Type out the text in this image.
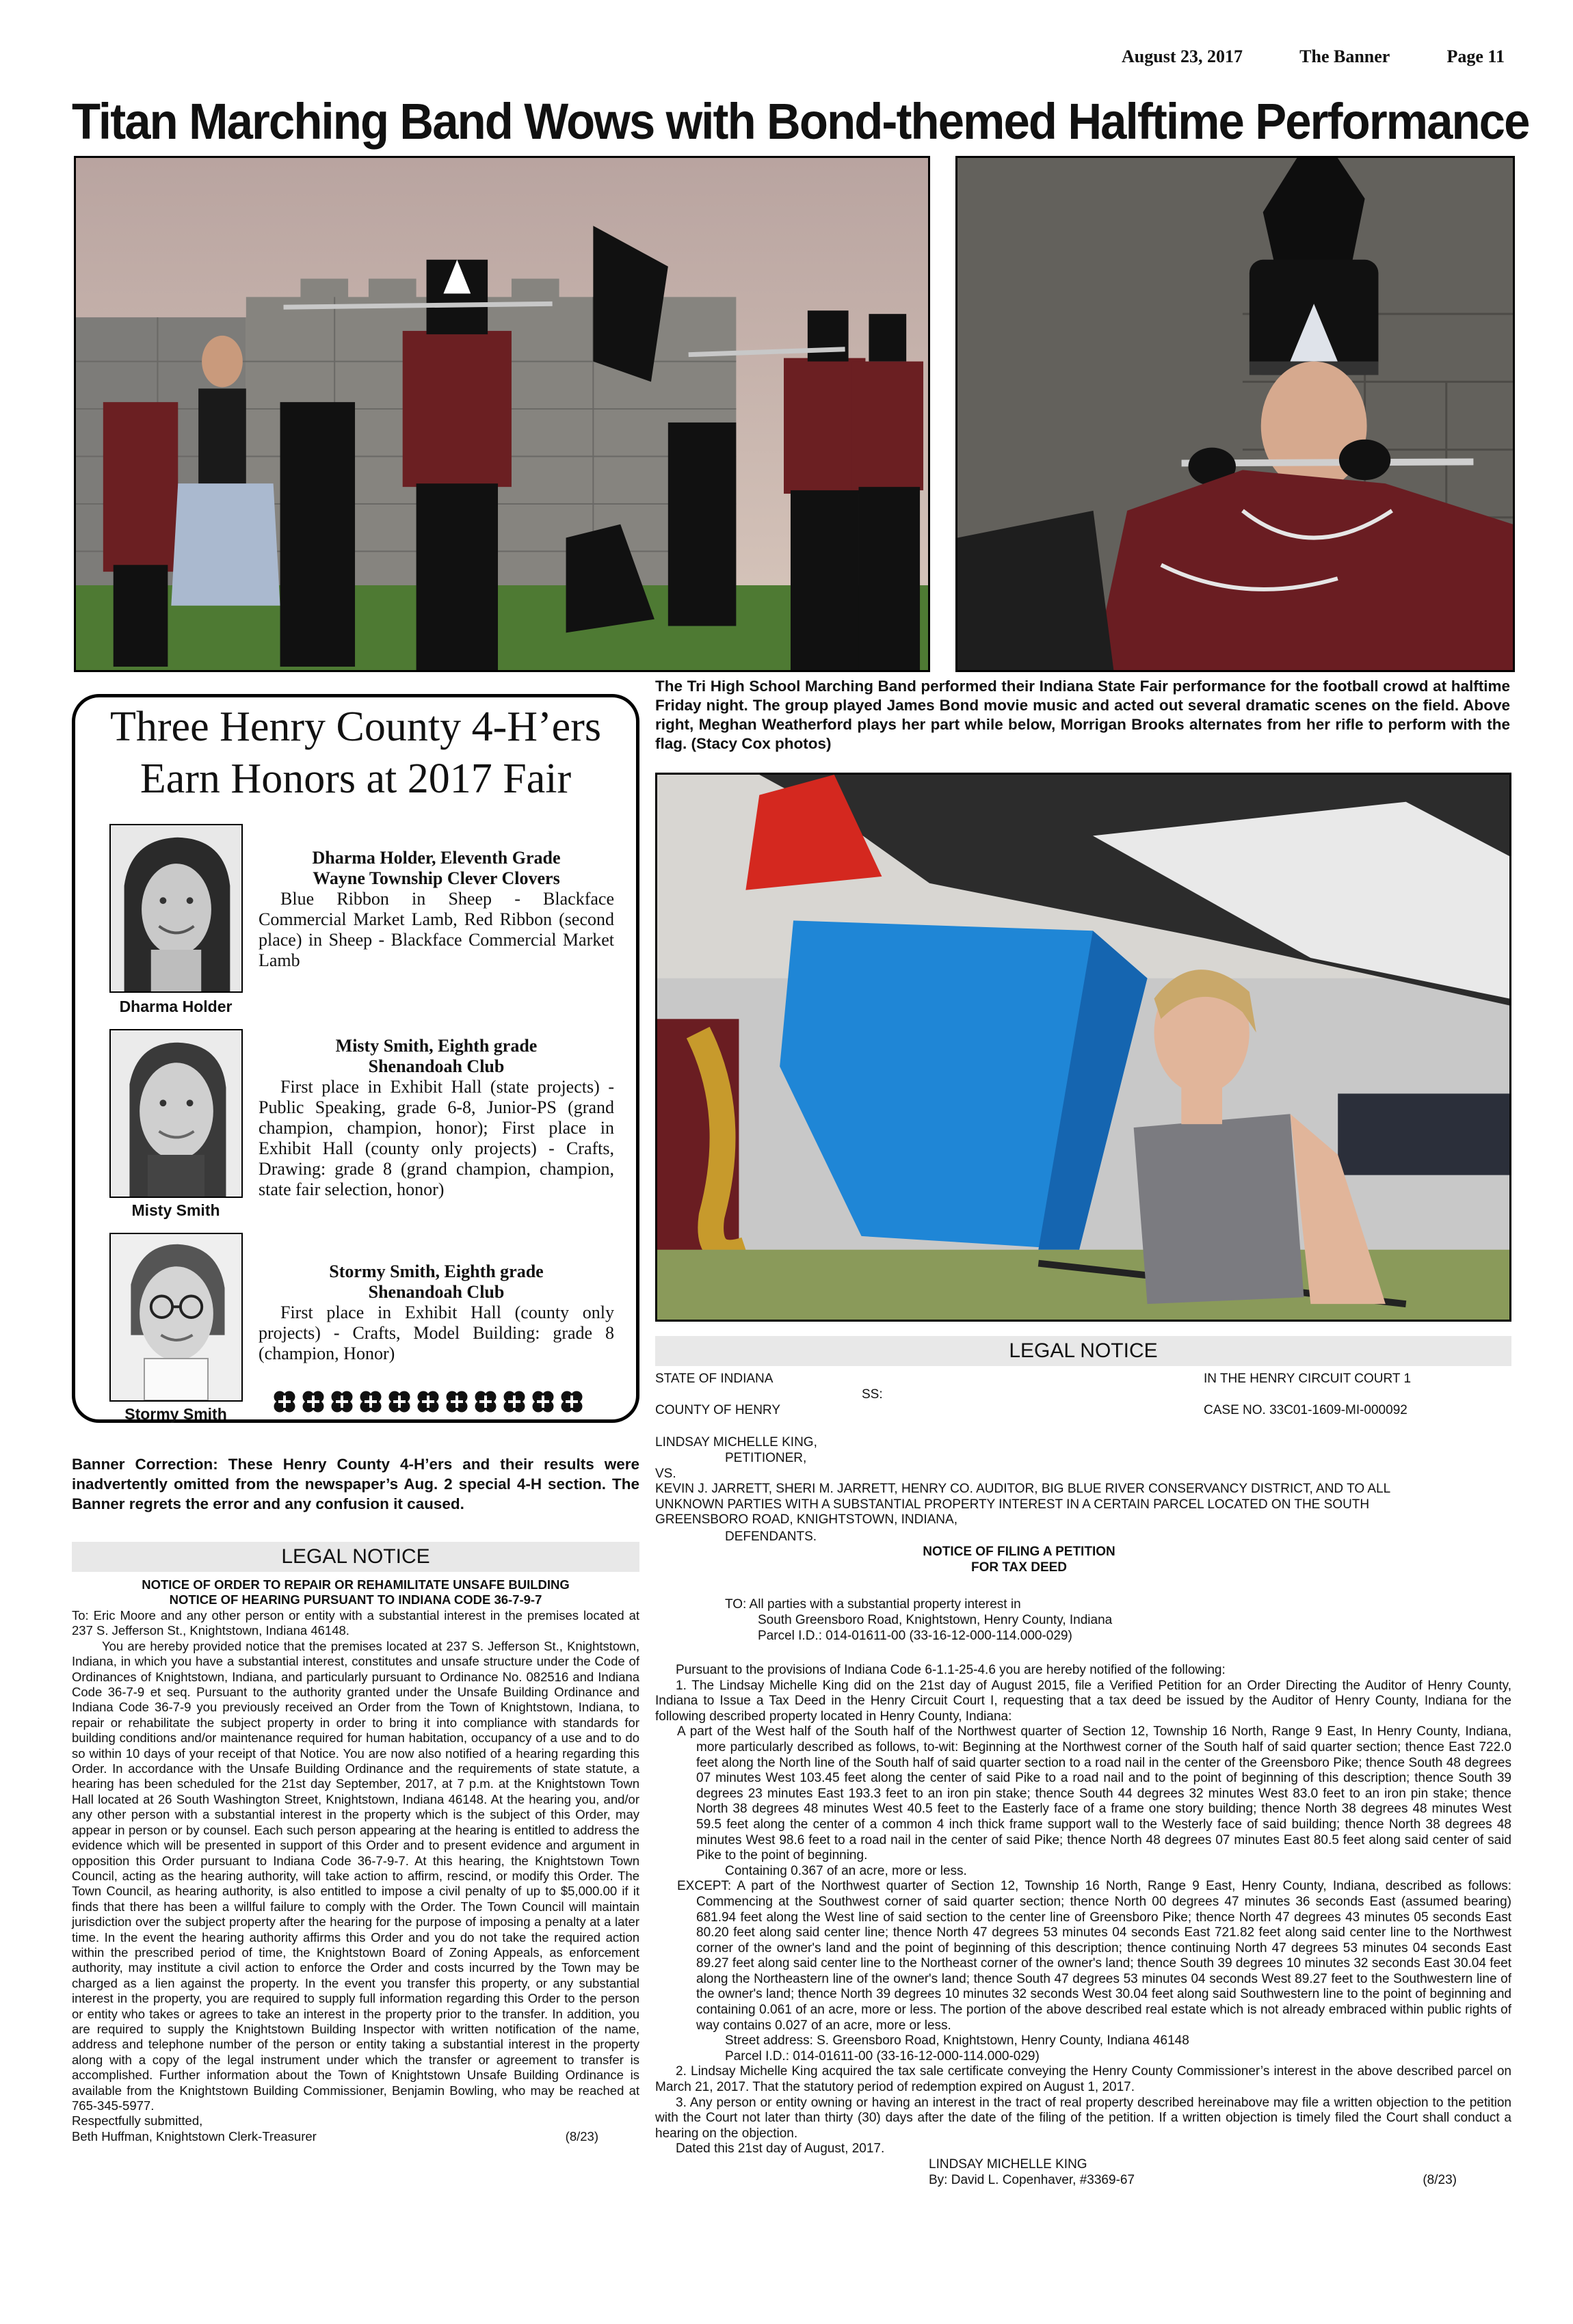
August 23, 2017	The Banner	Page 11
Titan Marching Band Wows with Bond-themed Halftime Performance
The Tri High School Marching Band performed their Indiana State Fair performance for the football crowd at halftime Friday night. The group played James Bond movie music and acted out several dramatic scenes on the field. Above right, Meghan Weatherford plays her part while below, Morrigan Brooks alternates from her rifle to perform with the flag. (Stacy Cox photos)
Three Henry County 4-H’ers
Earn Honors at 2017 Fair
Dharma Holder
Dharma Holder, Eleventh Grade
Wayne Township Clever Clovers
Blue Ribbon in Sheep - Blackface Commercial Market Lamb, Red Ribbon (second place) in Sheep - Blackface Commercial Market Lamb
Misty Smith
Misty Smith, Eighth grade
Shenandoah Club
First place in Exhibit Hall (state projects) - Public Speaking, grade 6-8, Junior-PS (grand champion, champion, honor); First place in Exhibit Hall (county only projects) - Crafts, Drawing: grade 8 (grand champion, champion, state fair selection, honor)
Stormy Smith
Stormy Smith, Eighth grade
Shenandoah Club
First place in Exhibit Hall (county only projects) - Crafts, Model Building: grade 8 (champion, Honor)
Banner Correction: These Henry County 4-H’ers and their results were inadvertently omitted from the newspaper’s Aug. 2 special 4-H section. The Banner regrets the error and any confusion it caused.
LEGAL NOTICE
NOTICE OF ORDER TO REPAIR OR REHAMILITATE UNSAFE BUILDING
NOTICE OF HEARING PURSUANT TO INDIANA CODE 36-7-9-7

To: Eric Moore and any other person or entity with a substantial interest in the premises located at 237 S. Jefferson St., Knightstown, Indiana 46148.

You are hereby provided notice that the premises located at 237 S. Jefferson St., Knightstown, Indiana, in which you have a substantial interest, constitutes and unsafe structure under the Code of Ordinances of Knightstown, Indiana, and particularly pursuant to Ordinance No. 082516 and Indiana Code 36-7-9 et seq. Pursuant to the authority granted under the Unsafe Building Ordinance and Indiana Code 36-7-9 you previously received an Order from the Town of Knightstown, Indiana, to repair or rehabilitate the subject property in order to bring it into compliance with standards for building conditions and/or maintenance required for human habitation, occupancy of a use and to do so within 10 days of your receipt of that Notice. You are now also notified of a hearing regarding this Order. In accordance with the Unsafe Building Ordinance and the requirements of state statute, a hearing has been scheduled for the 21st day September, 2017, at 7 p.m. at the Knightstown Town Hall located at 26 South Washington Street, Knightstown, Indiana 46148. At the hearing you, and/or any other person with a substantial interest in the property which is the subject of this Order, may appear in person or by counsel. Each such person appearing at the hearing is entitled to address the evidence which will be presented in support of this Order and to present evidence and argument in opposition this Order pursuant to Indiana Code 36-7-9-7. At this hearing, the Knightstown Town Council, acting as the hearing authority, will take action to affirm, rescind, or modify this Order. The Town Council, as hearing authority, is also entitled to impose a civil penalty of up to $5,000.00 if it finds that there has been a willful failure to comply with the Order. The Town Council will maintain jurisdiction over the subject property after the hearing for the purpose of imposing a penalty at a later time. In the event the hearing authority affirms this Order and you do not take the required action within the prescribed period of time, the Knightstown Board of Zoning Appeals, as enforcement authority, may institute a civil action to enforce the Order and costs incurred by the Town may be charged as a lien against the property. In the event you transfer this property, or any substantial interest in the property, you are required to supply full information regarding this Order to the person or entity who takes or agrees to take an interest in the property prior to the transfer. In addition, you are required to supply the Knightstown Building Inspector with written notification of the name, address and telephone number of the person or entity taking a substantial interest in the property along with a copy of the legal instrument under which the transfer or agreement to transfer is accomplished. Further information about the Town of Knightstown Unsafe Building Ordinance is available from the Knightstown Building Commissioner, Benjamin Bowling, who may be reached at 765-345-5977.

Respectfully submitted,

Beth Huffman, Knightstown Clerk-Treasurer	(8/23)
LEGAL NOTICE
STATE OF INDIANA	IN THE HENRY CIRCUIT COURT 1
SS:
COUNTY OF HENRY	CASE NO. 33C01-1609-MI-000092
LINDSAY MICHELLE KING,
PETITIONER,
VS.
KEVIN J. JARRETT, SHERI M. JARRETT, HENRY CO. AUDITOR, BIG BLUE RIVER CONSERVANCY DISTRICT, AND TO ALL UNKNOWN PARTIES WITH A SUBSTANTIAL PROPERTY INTEREST IN A CERTAIN PARCEL LOCATED ON THE SOUTH GREENSBORO ROAD, KNIGHTSTOWN, INDIANA,
DEFENDANTS.
NOTICE OF FILING A PETITION
FOR TAX DEED
TO: All parties with a substantial property interest in
South Greensboro Road, Knightstown, Henry County, Indiana
Parcel I.D.: 014-01611-00 (33-16-12-000-114.000-029)
Pursuant to the provisions of Indiana Code 6-1.1-25-4.6 you are hereby notified of the following:
1. The Lindsay Michelle King did on the 21st day of August 2015, file a Verified Petition for an Order Directing the Auditor of Henry County, Indiana to Issue a Tax Deed in the Henry Circuit Court I, requesting that a tax deed be issued by the Auditor of Henry County, Indiana for the following described property located in Henry County, Indiana:
A part of the West half of the South half of the Northwest quarter of Section 12, Township 16 North, Range 9 East, In Henry County, Indiana, more particularly described as follows, to-wit: Beginning at the Northwest corner of the South half of said quarter section; thence East 722.0 feet along the North line of the South half of said quarter section to a road nail in the center of the Greensboro Pike; thence South 48 degrees 07 minutes West 103.45 feet along the center of said Pike to a road nail and to the point of beginning of this description; thence South 39 degrees 23 minutes East 193.3 feet to an iron pin stake; thence South 44 degrees 32 minutes West 83.0 feet to an iron pin stake; thence North 38 degrees 48 minutes West 40.5 feet to the Easterly face of a frame one story building; thence North 38 degrees 48 minutes West 59.5 feet along the center of a common 4 inch thick frame support wall to the Westerly face of said building; thence North 38 degrees 48 minutes West 98.6 feet to a road nail in the center of said Pike; thence North 48 degrees 07 minutes East 80.5 feet along said center of said Pike to the point of beginning.
Containing 0.367 of an acre, more or less.
EXCEPT: A part of the Northwest quarter of Section 12, Township 16 North, Range 9 East, Henry County, Indiana, described as follows: Commencing at the Southwest corner of said quarter section; thence North 00 degrees 47 minutes 36 seconds East (assumed bearing) 681.94 feet along the West line of said section to the center line of Greensboro Pike; thence North 47 degrees 43 minutes 05 seconds East 80.20 feet along said center line; thence North 47 degrees 53 minutes 04 seconds East 721.82 feet along said center line to the Northwest corner of the owner's land and the point of beginning of this description; thence continuing North 47 degrees 53 minutes 04 seconds East 89.27 feet along said center line to the Northeast corner of the owner's land; thence South 39 degrees 10 minutes 32 seconds East 30.04 feet along the Northeastern line of the owner's land; thence South 47 degrees 53 minutes 04 seconds West 89.27 feet to the Southwestern line of the owner's land; thence North 39 degrees 10 minutes 32 seconds West 30.04 feet along said Southwestern line to the point of beginning and containing 0.061 of an acre, more or less. The portion of the above described real estate which is not already embraced within public rights of way contains 0.027 of an acre, more or less.
Street address: S. Greensboro Road, Knightstown, Henry County, Indiana 46148
Parcel I.D.: 014-01611-00 (33-16-12-000-114.000-029)
2. Lindsay Michelle King acquired the tax sale certificate conveying the Henry County Commissioner’s interest in the above described parcel on March 21, 2017. That the statutory period of redemption expired on August 1, 2017.
3. Any person or entity owning or having an interest in the tract of real property described hereinabove may file a written objection to the petition with the Court not later than thirty (30) days after the date of the filing of the petition. If a written objection is timely filed the Court shall conduct a hearing on the objection.
Dated this 21st day of August, 2017.
LINDSAY MICHELLE KING
By: David L. Copenhaver, #3369-67	(8/23)
